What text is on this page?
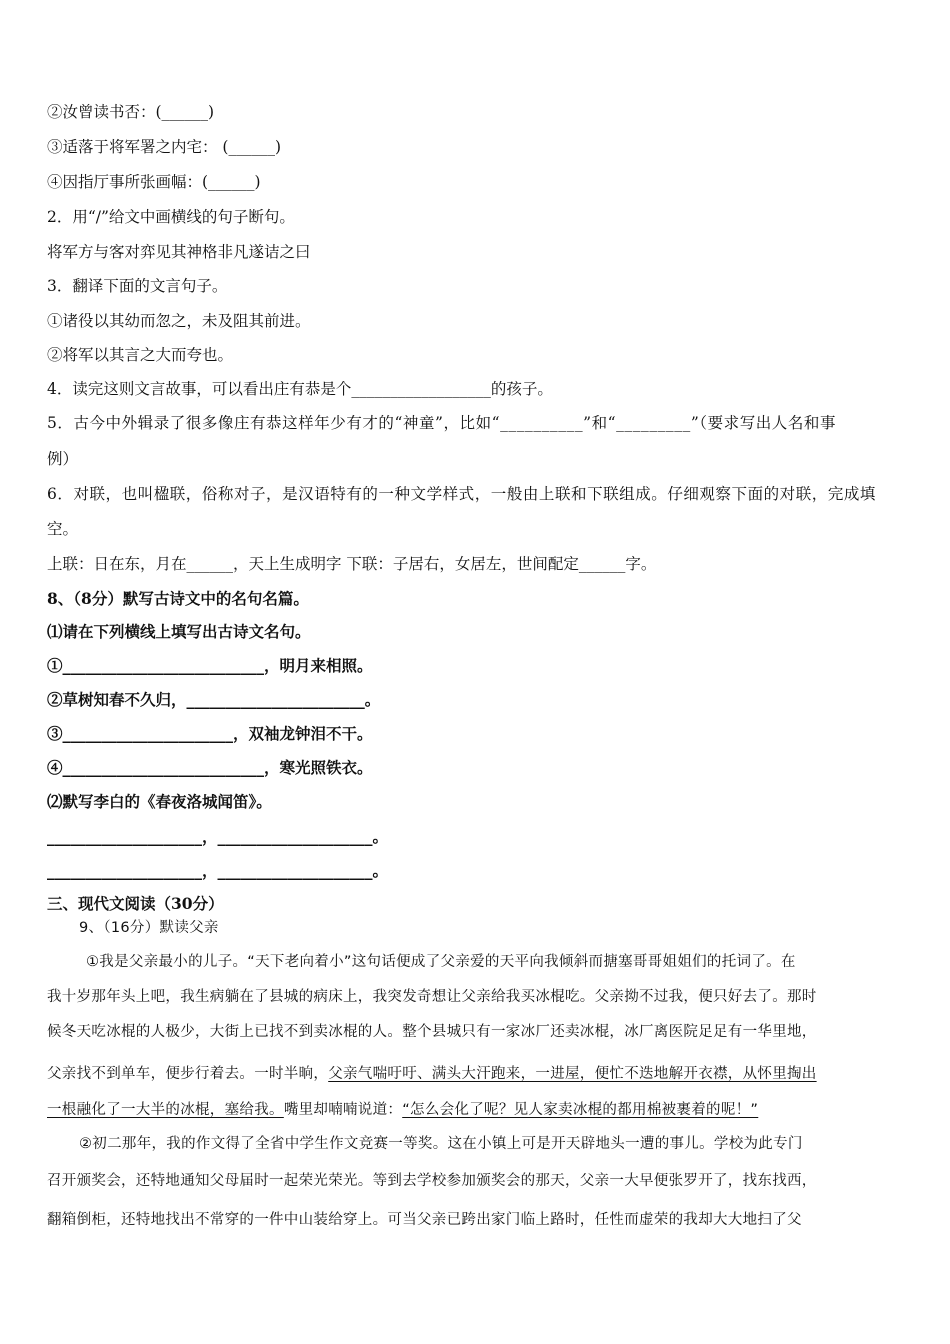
②汝曾读书否：(______)
③适落于将军署之内宅： (______)
④因指厅事所张画幅：(______)
2．用“/”给文中画横线的句子断句。
将军方与客对弈见其神格非凡遂诘之曰
3．翻译下面的文言句子。
①诸役以其幼而忽之，未及阻其前进。
②将军以其言之大而夸也。
4．读完这则文言故事，可以看出庄有恭是个__________________的孩子。
5．古今中外辑录了很多像庄有恭这样年少有才的“神童”，比如“__________”和“_________”（要求写出人名和事
例）
6．对联，也叫楹联，俗称对子，是汉语特有的一种文学样式，一般由上联和下联组成。仔细观察下面的对联，完成填
空。
上联：日在东，月在______，天上生成明字 下联：子居右，女居左，世间配定______字。
8、（8分）默写古诗文中的名句名篇。
⑴请在下列横线上填写出古诗文名句。
①__________________________，明月来相照。
②草树知春不久归，_______________________。
③______________________，双袖龙钟泪不干。
④__________________________，寒光照铁衣。
⑵默写李白的《春夜洛城闻笛》。
____________________，____________________。
____________________，____________________。
三、现代文阅读（30分）
9、（16分）默读父亲
①我是父亲最小的儿子。“天下老向着小”这句话便成了父亲爱的天平向我倾斜而搪塞哥哥姐姐们的托词了。在
我十岁那年头上吧，我生病躺在了县城的病床上，我突发奇想让父亲给我买冰棍吃。父亲拗不过我，便只好去了。那时
候冬天吃冰棍的人极少，大街上已找不到卖冰棍的人。整个县城只有一家冰厂还卖冰棍，冰厂离医院足足有一华里地，
父亲找不到单车，便步行着去。一时半晌，父亲气喘吁吁、满头大汗跑来，一进屋，便忙不迭地解开衣襟，从怀里掏出
一根融化了一大半的冰棍，塞给我。嘴里却喃喃说道：“怎么会化了呢？见人家卖冰棍的都用棉被裹着的呢！”
②初二那年，我的作文得了全省中学生作文竞赛一等奖。这在小镇上可是开天辟地头一遭的事儿。学校为此专门
召开颁奖会，还特地通知父母届时一起荣光荣光。等到去学校参加颁奖会的那天，父亲一大早便张罗开了，找东找西，
翻箱倒柜，还特地找出不常穿的一件中山装给穿上。可当父亲已跨出家门临上路时，任性而虚荣的我却大大地扫了父
